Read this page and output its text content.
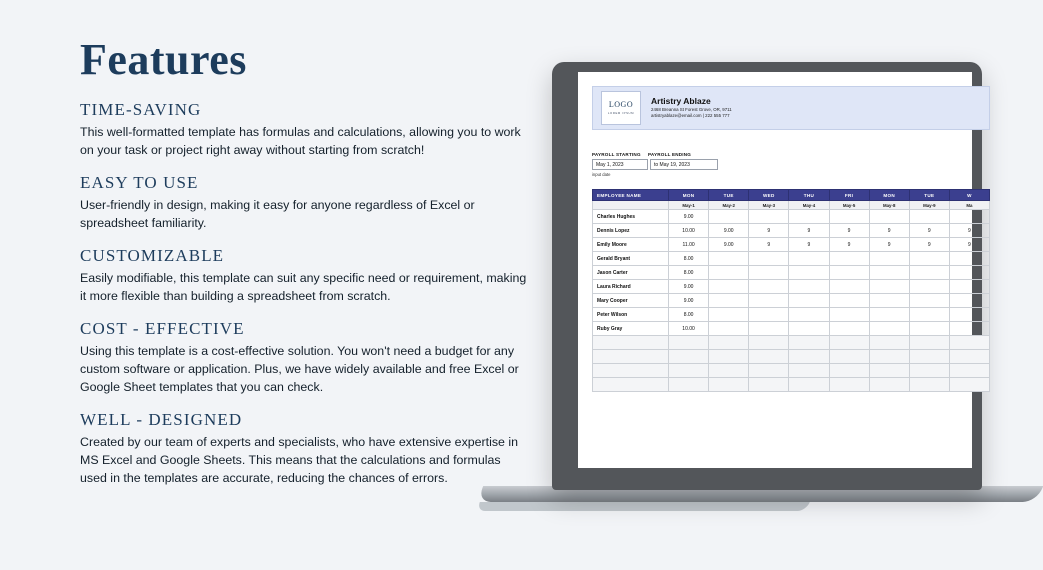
Features
TIME-SAVING

This well-formatted template has formulas and calculations, allowing you to work on your task or project right away without starting from scratch!

EASY TO USE

User-friendly in design, making it easy for anyone regardless of Excel or spreadsheet familiarity.

CUSTOMIZABLE

Easily modifiable, this template can suit any specific need or requirement, making it more flexible than building a spreadsheet from scratch.

COST - EFFECTIVE

Using this template is a cost-effective solution. You won't need a budget for any custom software or application. Plus, we have widely available and free Excel or Google Sheet templates that you can check.

WELL - DESIGNED

Created by our team of experts and specialists, who have extensive expertise in MS Excel and Google Sheets. This means that the calculations and formulas used in the templates are accurate, reducing the chances of errors.

LOGO
LOREM IPSUM
Artistry Ablaze
2468 Breanna St Forest Grove, OR, 9711
artistryablaze@email.com | 222 555 777
PAYROLL STARTING	PAYROLL ENDING
May 1, 2023	to May 19, 2023
input date
EMPLOYEE NAME	MON	TUE	WED	THU	FRI	MON	TUE	W
	May-1	May-2	May-3	May-4	May-5	May-8	May-9	Ma
Charles Hughes	9.00							
Dennis Lopez	10.00	9.00	9	9	9	9	9	9
Emily Moore	11.00	9.00	9	9	9	9	9	9
Gerald Bryant	8.00							
Jason Carter	8.00							
Laura Richard	9.00							
Mary Cooper	9.00							
Peter Wilson	8.00							
Ruby Gray	10.00							
